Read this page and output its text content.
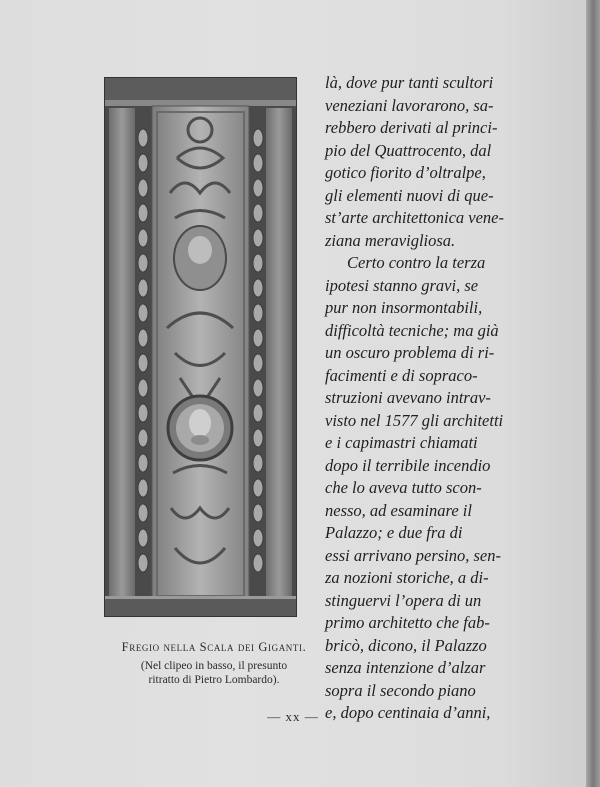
Fregio nella Scala dei Giganti.

(Nel clipeo in basso, il presunto
ritratto di Pietro Lombardo).

là, dove pur tanti scultori
veneziani lavorarono, sa-
rebbero derivati al princi-
pio del Quattrocento, dal
gotico fiorito d’oltralpe,
gli elementi nuovi di que-
st’arte architettonica vene-
ziana meravigliosa.
Certo contro la terza
ipotesi stanno gravi, se
pur non insormontabili,
difficoltà tecniche; ma già
un oscuro problema di ri-
facimenti e di sopraco-
struzioni avevano intrav-
visto nel 1577 gli architetti
e i capimastri chiamati
dopo il terribile incendio
che lo aveva tutto scon-
nesso, ad esaminare il
Palazzo; e due fra di
essi arrivano persino, sen-
za nozioni storiche, a di-
stinguervi l’opera di un
primo architetto che fab-
bricò, dicono, il Palazzo
senza intenzione d’alzar
sopra il secondo piano
e, dopo centinaia d’anni,
— xx —
